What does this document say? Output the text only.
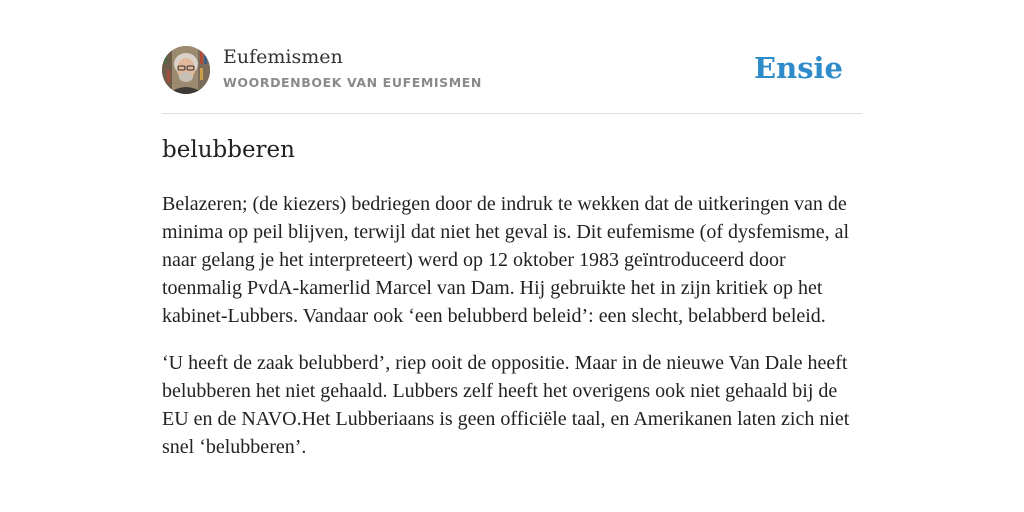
Eufemismen
WOORDENBOEK VAN EUFEMISMEN	Ensie
belubberen

Belazeren; (de kiezers) bedriegen door de indruk te wekken dat de uitkeringen van de minima op peil blijven, terwijl dat niet het geval is. Dit eufemisme (of dysfemisme, al naar gelang je het interpreteert) werd op 12 oktober 1983 geïntroduceerd door toenmalig PvdA-kamerlid Marcel van Dam. Hij gebruikte het in zijn kritiek op het kabinet-Lubbers. Vandaar ook ‘een belubberd beleid’: een slecht, belabberd beleid.

‘U heeft de zaak belubberd’, riep ooit de oppositie. Maar in de nieuwe Van Dale heeft belubberen het niet gehaald. Lubbers zelf heeft het overigens ook niet gehaald bij de EU en de NAVO.Het Lubberiaans is geen officiële taal, en Amerikanen laten zich niet snel ‘belubberen’.
